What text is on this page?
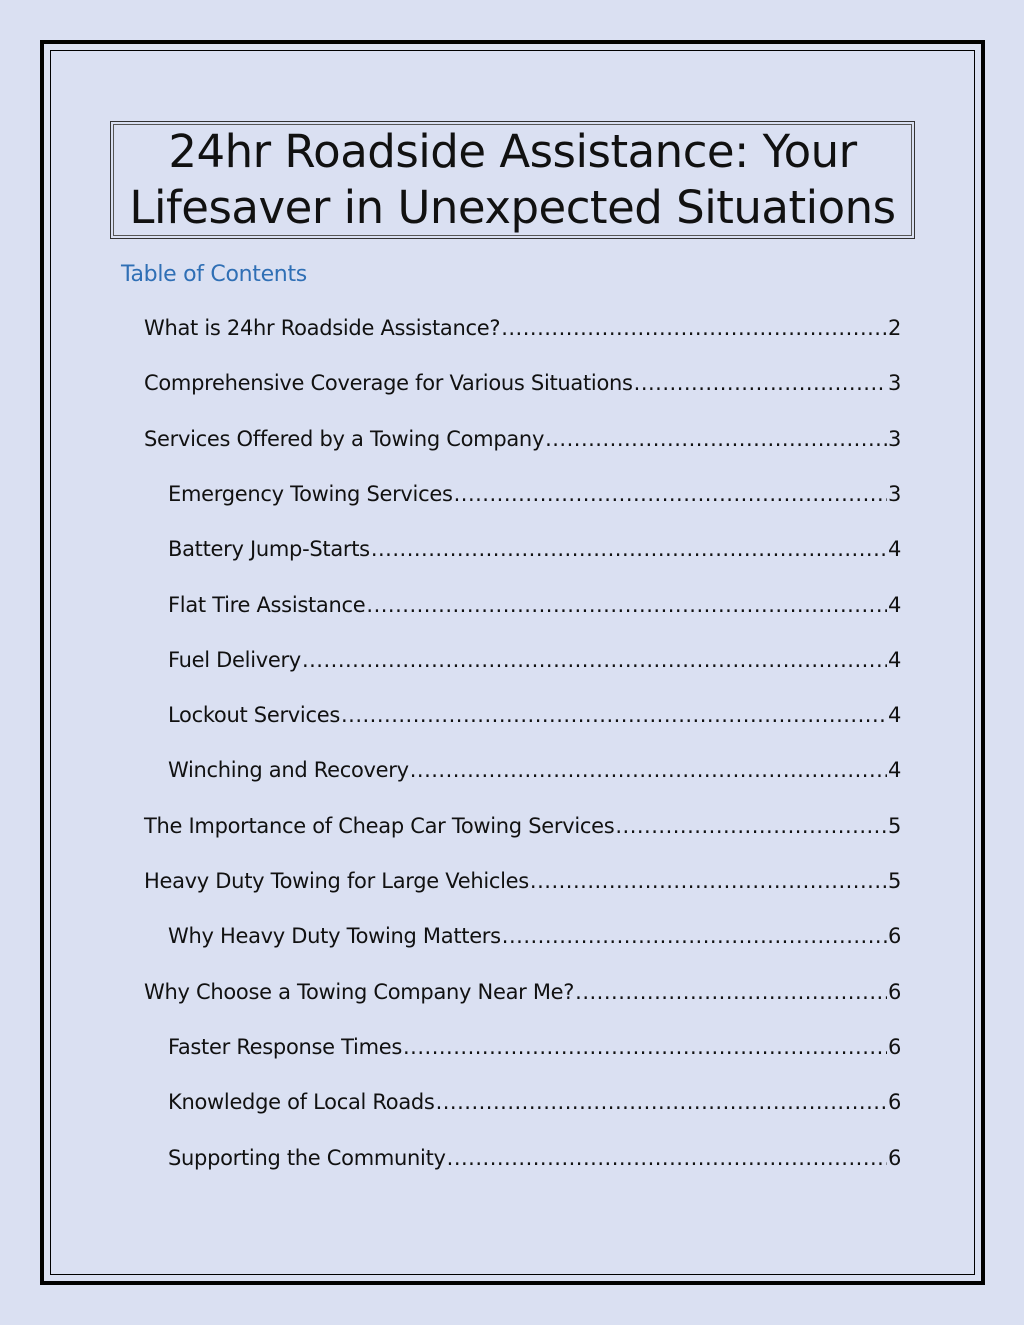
24hr Roadside Assistance: Your Lifesaver in Unexpected Situations
Table of Contents
What is 24hr Roadside Assistance? .....	2
Comprehensive Coverage for Various Situations .....	3
Services Offered by a Towing Company .....	3
Emergency Towing Services .....	3
Battery Jump-Starts .....	4
Flat Tire Assistance .....	4
Fuel Delivery .....	4
Lockout Services .....	4
Winching and Recovery .....	4
The Importance of Cheap Car Towing Services .....	5
Heavy Duty Towing for Large Vehicles .....	5
Why Heavy Duty Towing Matters .....	6
Why Choose a Towing Company Near Me? .....	6
Faster Response Times .....	6
Knowledge of Local Roads .....	6
Supporting the Community .....	6
